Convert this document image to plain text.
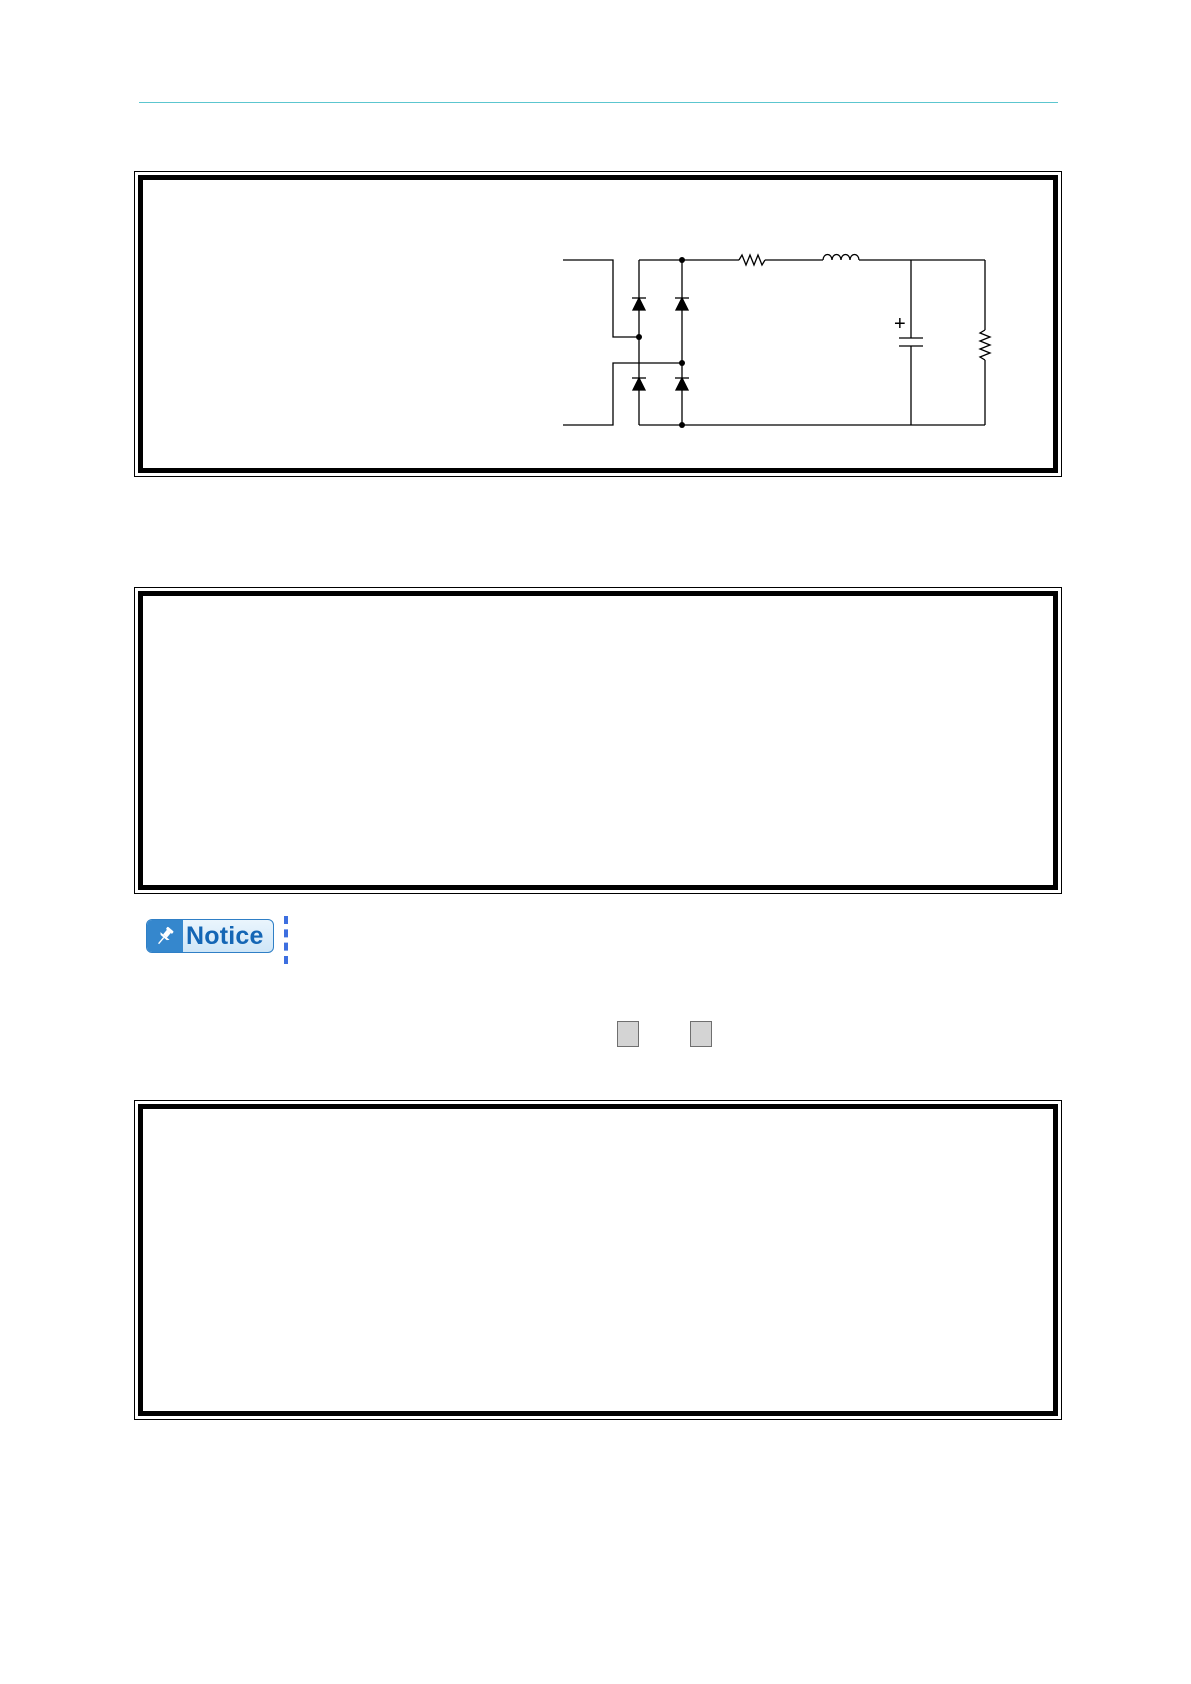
+
Notice
